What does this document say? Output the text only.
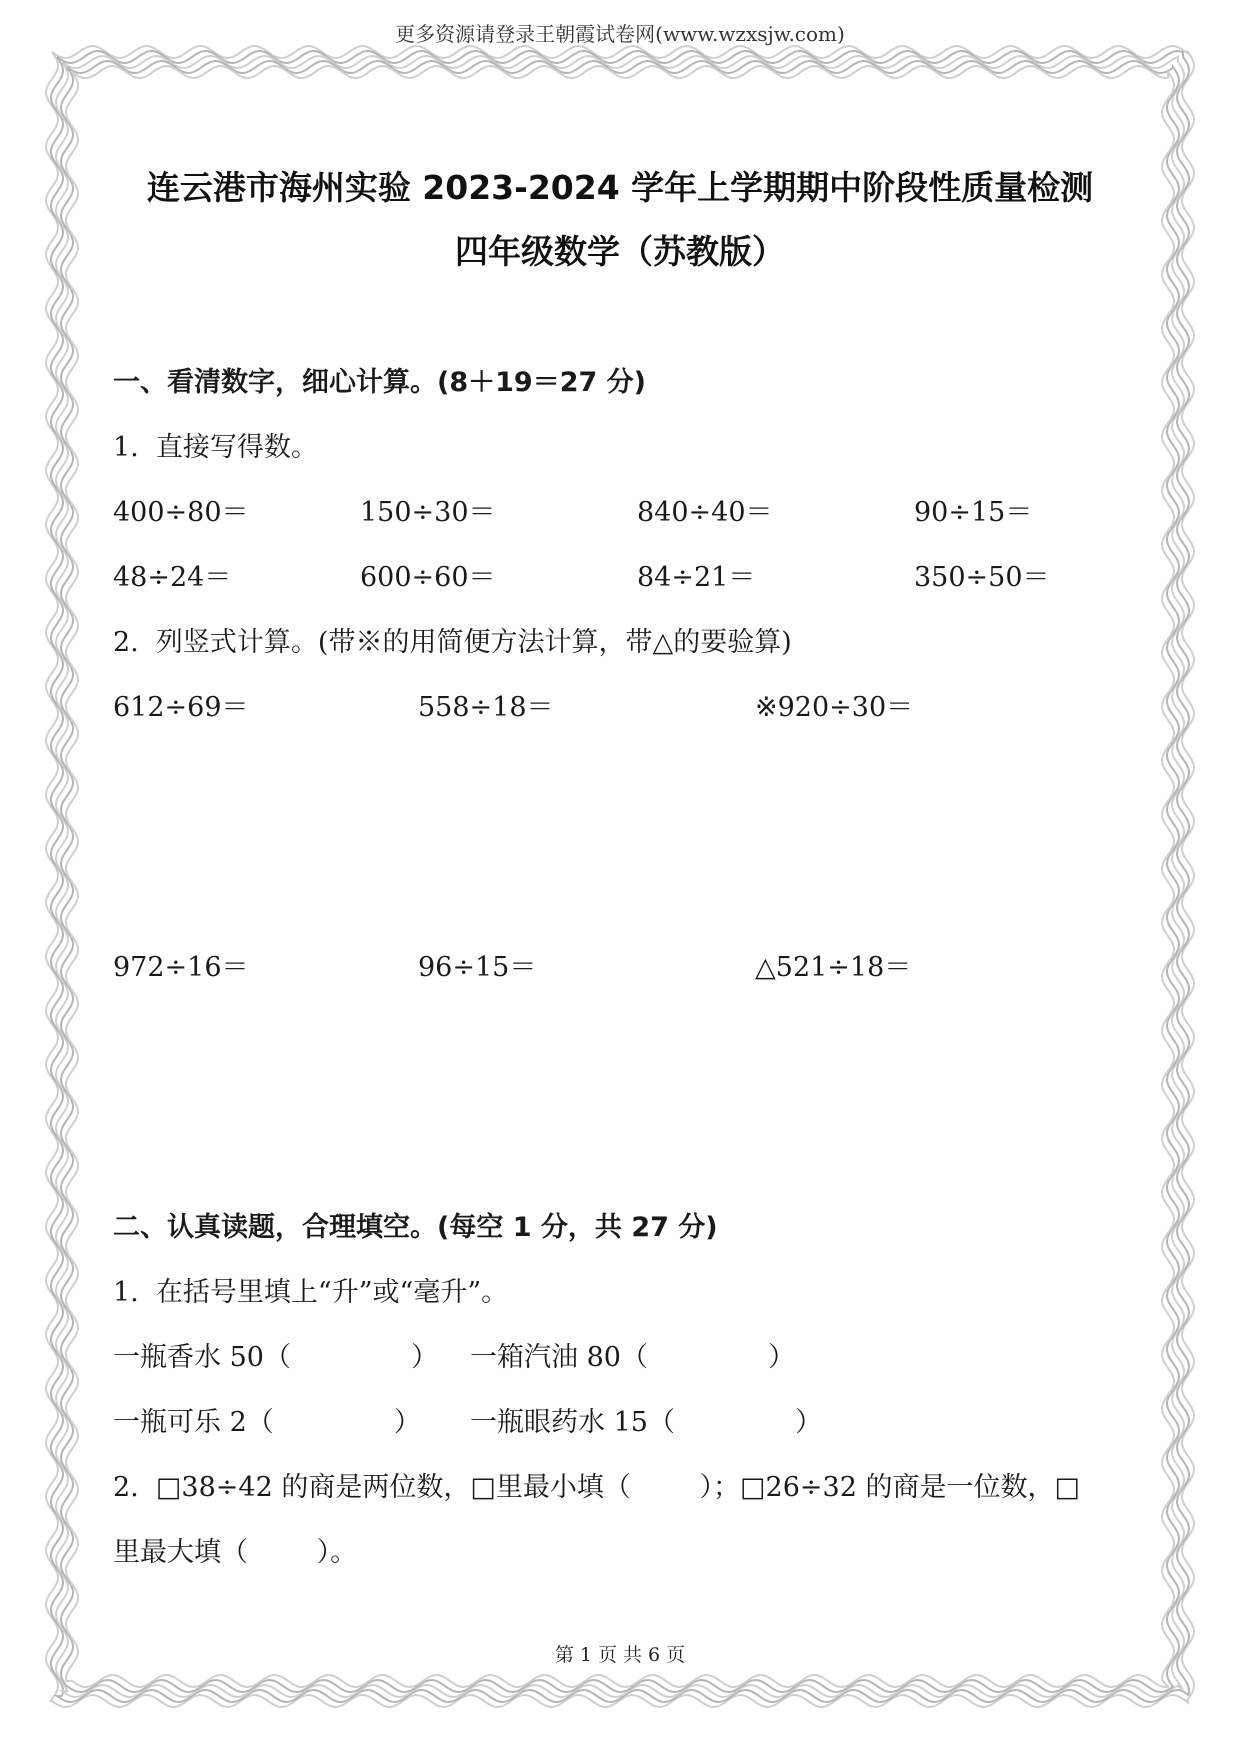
更多资源请登录王朝霞试卷网(www.wzxsjw.com)
连云港市海州实验 2023-2024 学年上学期期中阶段性质量检测
四年级数学（苏教版）
一、看清数字，细心计算。(8＋19＝27 分)
1.  直接写得数。
400÷80＝	150÷30＝	840÷40＝	90÷15＝
48÷24＝	600÷60＝	84÷21＝	350÷50＝
2.  列竖式计算。(带※的用简便方法计算，带△的要验算)
612÷69＝	558÷18＝	※920÷30＝
972÷16＝	96÷15＝	△521÷18＝
二、认真读题，合理填空。(每空 1 分，共 27 分)
1.  在括号里填上“升”或“毫升”。
一瓶香水 50（              ） 一箱汽油 80（              ）
一瓶可乐 2（              ） 一瓶眼药水 15（              ）
2.  □38÷42 的商是两位数，□里最小填（        ）；□26÷32 的商是一位数，□
里最大填（        ）。
第 1 页 共 6 页
